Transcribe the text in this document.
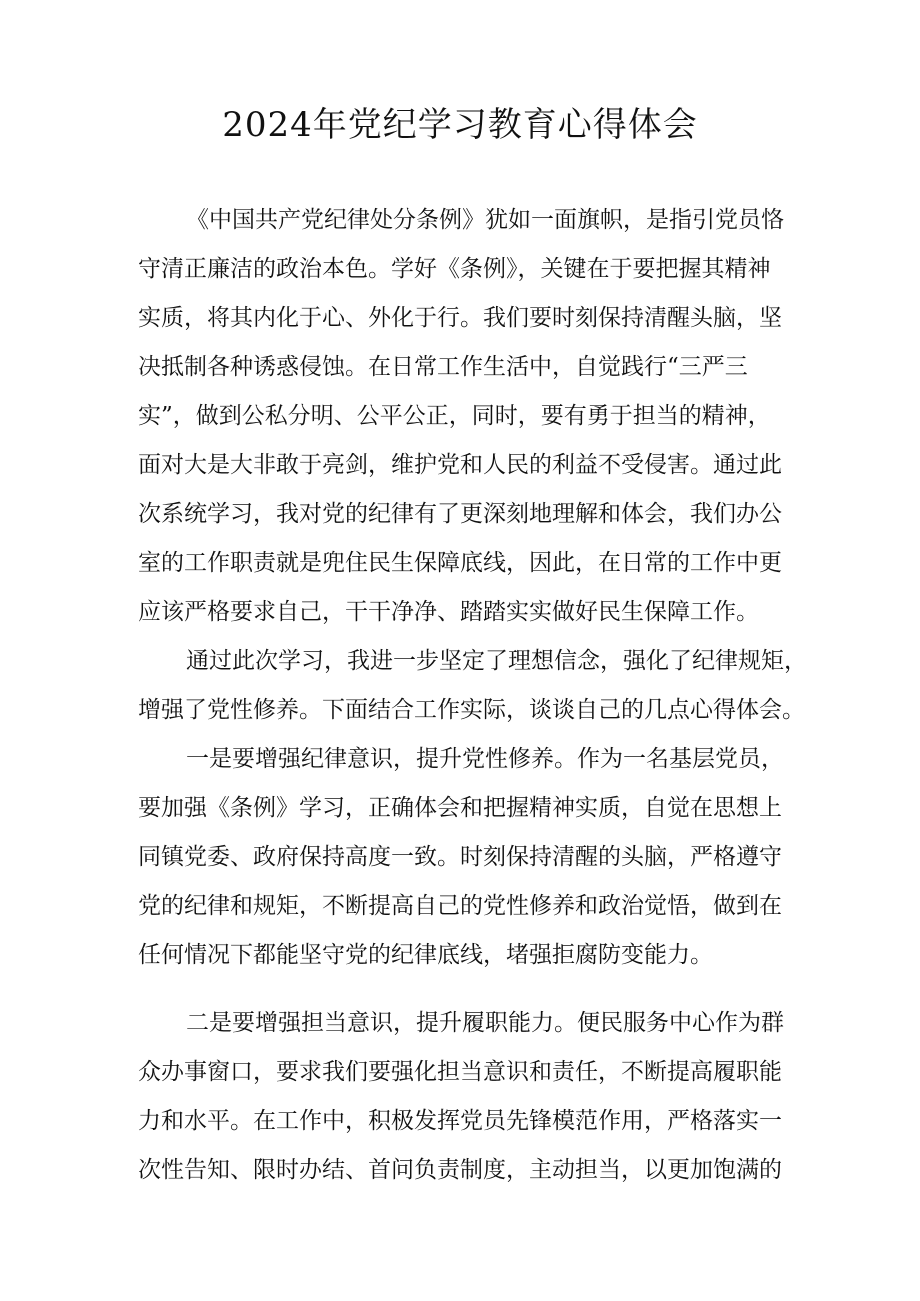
2024年党纪学习教育心得体会
《中国共产党纪律处分条例》犹如一面旗帜，是指引党员恪
守清正廉洁的政治本色。学好《条例》，关键在于要把握其精神
实质，将其内化于心、外化于行。我们要时刻保持清醒头脑，坚
决抵制各种诱惑侵蚀。在日常工作生活中，自觉践行“三严三
实”，做到公私分明、公平公正，同时，要有勇于担当的精神，
面对大是大非敢于亮剑，维护党和人民的利益不受侵害。通过此
次系统学习，我对党的纪律有了更深刻地理解和体会，我们办公
室的工作职责就是兜住民生保障底线，因此，在日常的工作中更
应该严格要求自己，干干净净、踏踏实实做好民生保障工作。
通过此次学习，我进一步坚定了理想信念，强化了纪律规矩，
增强了党性修养。下面结合工作实际，谈谈自己的几点心得体会。
一是要增强纪律意识，提升党性修养。作为一名基层党员，
要加强《条例》学习，正确体会和把握精神实质，自觉在思想上
同镇党委、政府保持高度一致。时刻保持清醒的头脑，严格遵守
党的纪律和规矩，不断提高自己的党性修养和政治觉悟，做到在
任何情况下都能坚守党的纪律底线，堵强拒腐防变能力。
二是要增强担当意识，提升履职能力。便民服务中心作为群
众办事窗口，要求我们要强化担当意识和责任，不断提高履职能
力和水平。在工作中，积极发挥党员先锋模范作用，严格落实一
次性告知、限时办结、首问负责制度，主动担当，以更加饱满的
